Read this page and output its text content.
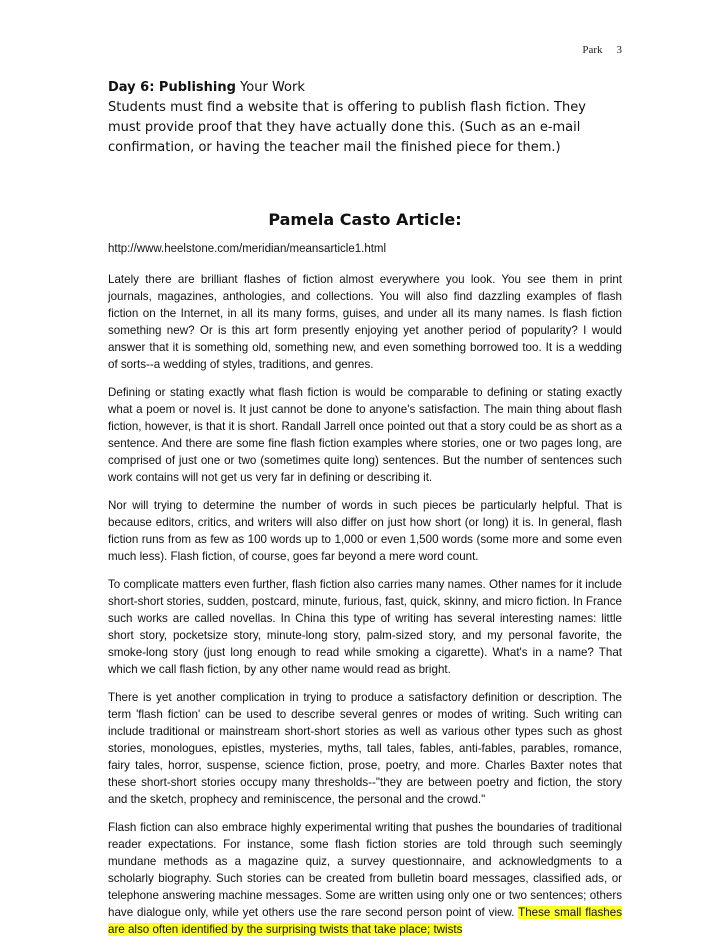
Park 3
Day 6: Publishing Your Work
Students must find a website that is offering to publish flash fiction. They must provide proof that they have actually done this. (Such as an e-mail confirmation, or having the teacher mail the finished piece for them.)
Pamela Casto Article:
http://www.heelstone.com/meridian/meansarticle1.html

Lately there are brilliant flashes of fiction almost everywhere you look. You see them in print journals, magazines, anthologies, and collections. You will also find dazzling examples of flash fiction on the Internet, in all its many forms, guises, and under all its many names. Is flash fiction something new? Or is this art form presently enjoying yet another period of popularity? I would answer that it is something old, something new, and even something borrowed too. It is a wedding of sorts--a wedding of styles, traditions, and genres.

Defining or stating exactly what flash fiction is would be comparable to defining or stating exactly what a poem or novel is. It just cannot be done to anyone's satisfaction. The main thing about flash fiction, however, is that it is short. Randall Jarrell once pointed out that a story could be as short as a sentence. And there are some fine flash fiction examples where stories, one or two pages long, are comprised of just one or two (sometimes quite long) sentences. But the number of sentences such work contains will not get us very far in defining or describing it.

Nor will trying to determine the number of words in such pieces be particularly helpful. That is because editors, critics, and writers will also differ on just how short (or long) it is. In general, flash fiction runs from as few as 100 words up to 1,000 or even 1,500 words (some more and some even much less). Flash fiction, of course, goes far beyond a mere word count.

To complicate matters even further, flash fiction also carries many names. Other names for it include short-short stories, sudden, postcard, minute, furious, fast, quick, skinny, and micro fiction. In France such works are called novellas. In China this type of writing has several interesting names: little short story, pocketsize story, minute-long story, palm-sized story, and my personal favorite, the smoke-long story (just long enough to read while smoking a cigarette). What's in a name? That which we call flash fiction, by any other name would read as bright.

There is yet another complication in trying to produce a satisfactory definition or description. The term 'flash fiction' can be used to describe several genres or modes of writing. Such writing can include traditional or mainstream short-short stories as well as various other types such as ghost stories, monologues, epistles, mysteries, myths, tall tales, fables, anti-fables, parables, romance, fairy tales, horror, suspense, science fiction, prose, poetry, and more. Charles Baxter notes that these short-short stories occupy many thresholds--"they are between poetry and fiction, the story and the sketch, prophecy and reminiscence, the personal and the crowd."

Flash fiction can also embrace highly experimental writing that pushes the boundaries of traditional reader expectations. For instance, some flash fiction stories are told through such seemingly mundane methods as a magazine quiz, a survey questionnaire, and acknowledgments to a scholarly biography. Such stories can be created from bulletin board messages, classified ads, or telephone answering machine messages. Some are written using only one or two sentences; others have dialogue only, while yet others use the rare second person point of view. These small flashes are also often identified by the surprising twists that take place; twists
